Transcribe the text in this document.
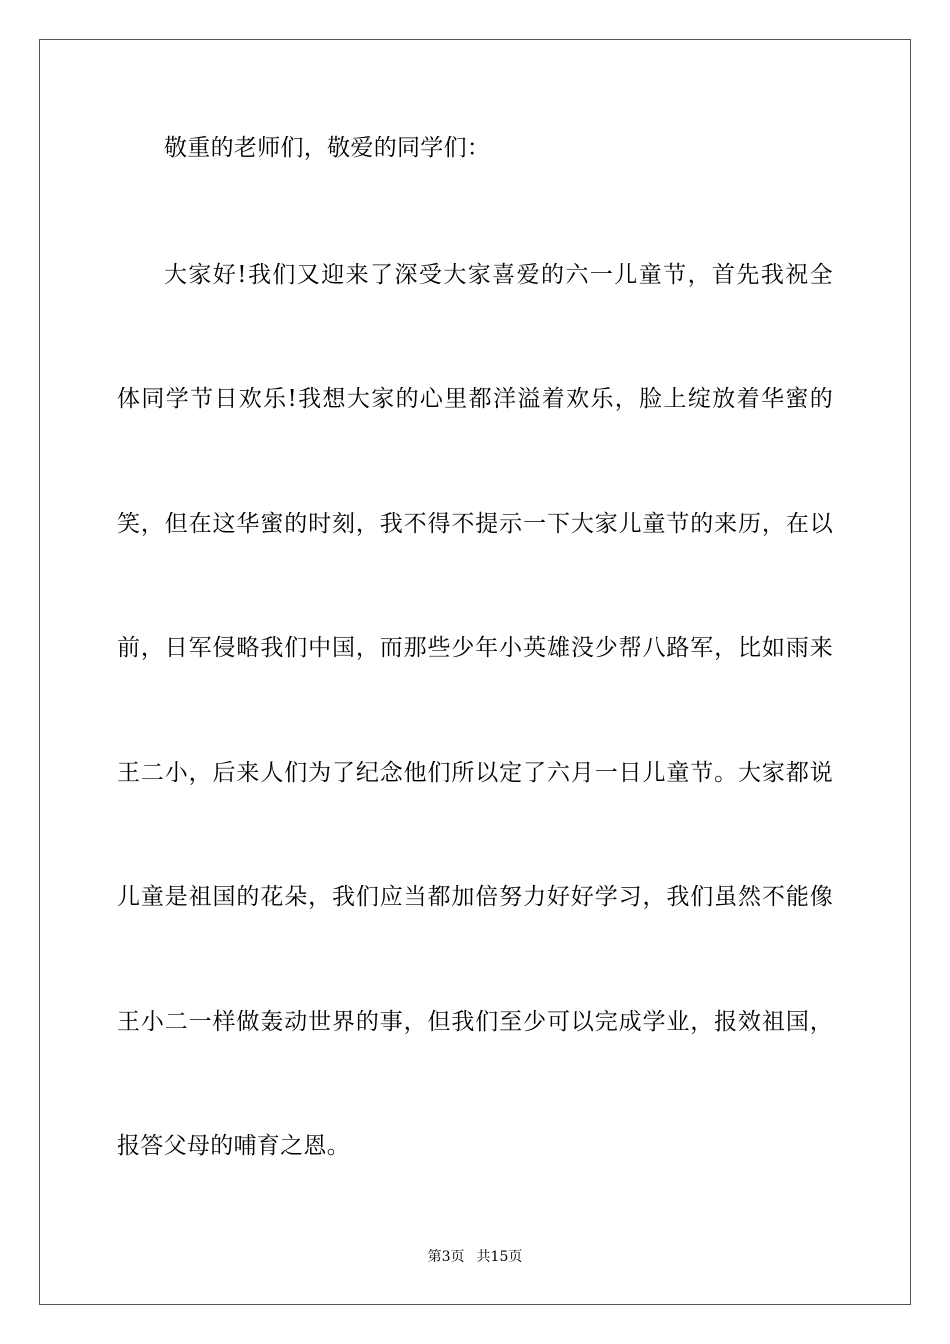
敬重的老师们，敬爱的同学们：
大家好!我们又迎来了深受大家喜爱的六一儿童节，首先我祝全
体同学节日欢乐!我想大家的心里都洋溢着欢乐，脸上绽放着华蜜的
笑，但在这华蜜的时刻，我不得不提示一下大家儿童节的来历，在以
前，日军侵略我们中国，而那些少年小英雄没少帮八路军，比如雨来
王二小，后来人们为了纪念他们所以定了六月一日儿童节。大家都说
儿童是祖国的花朵，我们应当都加倍努力好好学习，我们虽然不能像
王小二一样做轰动世界的事，但我们至少可以完成学业，报效祖国，
报答父母的哺育之恩。
第3页 共15页
